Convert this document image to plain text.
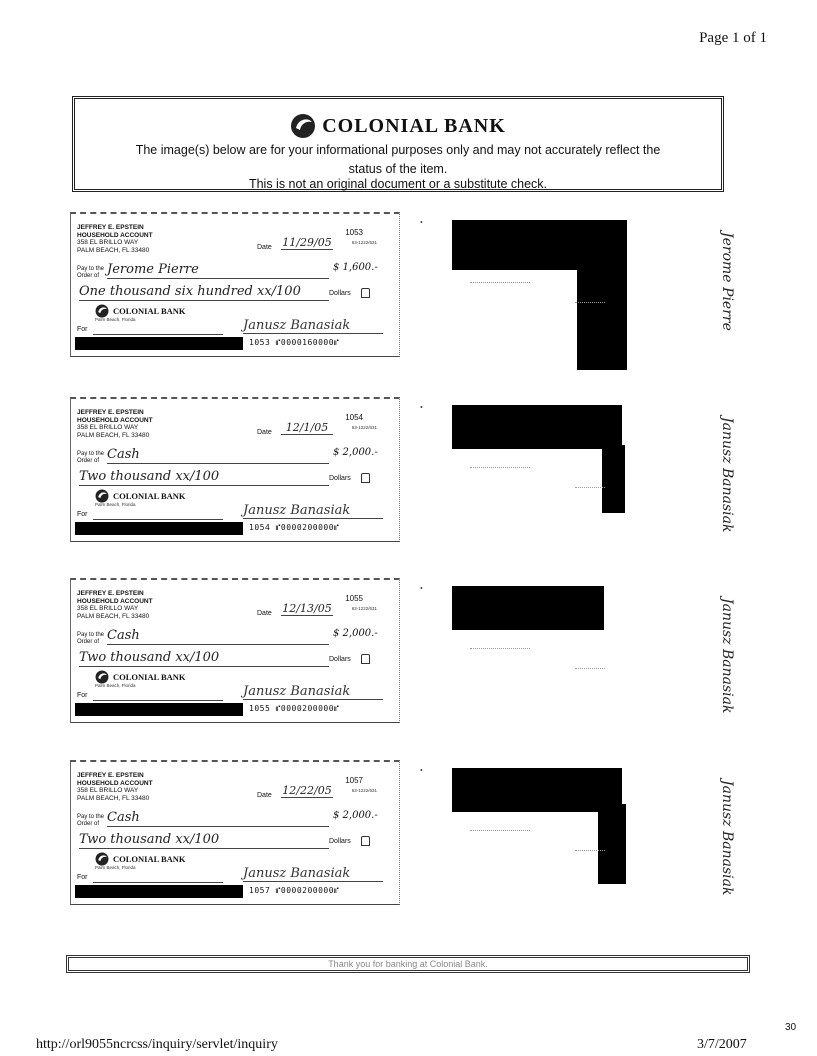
Page 1 of 1
COLONIAL BANK
The image(s) below are for your informational purposes only and may not accurately reflect the
status of the item.
This is not an original document or a substitute check.
JEFFREY E. EPSTEIN
HOUSEHOLD ACCOUNT
358 EL BRILLO WAY
PALM BEACH, FL 33480
1053
63-1222/631
Date 11/29/05
Pay to the
Order of Jerome Pierre	$ 1,600.-
One thousand six hundred xx/100	Dollars
COLONIAL BANK
Palm Beach, Florida
For	Janusz Banasiak
1053 ⑈0000160000⑈
•
Jerome Pierre
JEFFREY E. EPSTEIN
HOUSEHOLD ACCOUNT
358 EL BRILLO WAY
PALM BEACH, FL 33480
1054
63-1222/631
Date	12/1/05
Pay to the
Order of Cash	$ 2,000.-
Two thousand xx/100	Dollars
COLONIAL BANK
Palm Beach, Florida
For	Janusz Banasiak
1054 ⑈0000200000⑈
•
Janusz Banasiak
JEFFREY E. EPSTEIN
HOUSEHOLD ACCOUNT
358 EL BRILLO WAY
PALM BEACH, FL 33480
1055
63-1222/631
Date 12/13/05
Pay to the
Order of Cash	$ 2,000.-
Two thousand xx/100	Dollars
COLONIAL BANK
Palm Beach, Florida
For	Janusz Banasiak
1055 ⑈0000200000⑈
•
Janusz Banasiak
JEFFREY E. EPSTEIN
HOUSEHOLD ACCOUNT
358 EL BRILLO WAY
PALM BEACH, FL 33480
1057
63-1222/631
Date 12/22/05
Pay to the
Order of Cash	$ 2,000.-
Two thousand xx/100	Dollars
COLONIAL BANK
Palm Beach, Florida
For	Janusz Banasiak
1057 ⑈0000200000⑈
•
Janusz Banasiak
Thank you for banking at Colonial Bank.
http://orl9055ncrcss/inquiry/servlet/inquiry	3/7/2007
30
